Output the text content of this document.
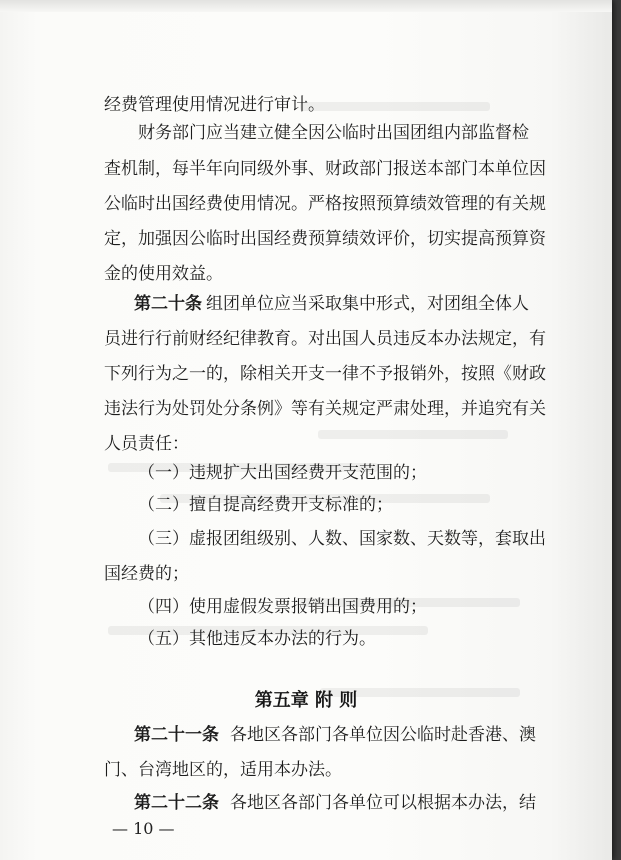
经费管理使用情况进行审计。
财务部门应当建立健全因公临时出国团组内部监督检
查机制，每半年向同级外事、财政部门报送本部门本单位因
公临时出国经费使用情况。严格按照预算绩效管理的有关规
定，加强因公临时出国经费预算绩效评价，切实提高预算资
金的使用效益。
第二十条 组团单位应当采取集中形式，对团组全体人
员进行行前财经纪律教育。对出国人员违反本办法规定，有
下列行为之一的，除相关开支一律不予报销外，按照《财政
违法行为处罚处分条例》等有关规定严肃处理，并追究有关
人员责任：
（一）违规扩大出国经费开支范围的；
（二）擅自提高经费开支标准的；
（三）虚报团组级别、人数、国家数、天数等，套取出
国经费的；
（四）使用虚假发票报销出国费用的；
（五）其他违反本办法的行为。
第五章 附 则
第二十一条 各地区各部门各单位因公临时赴香港、澳
门、台湾地区的，适用本办法。
第二十二条 各地区各部门各单位可以根据本办法，结
— 10 —
